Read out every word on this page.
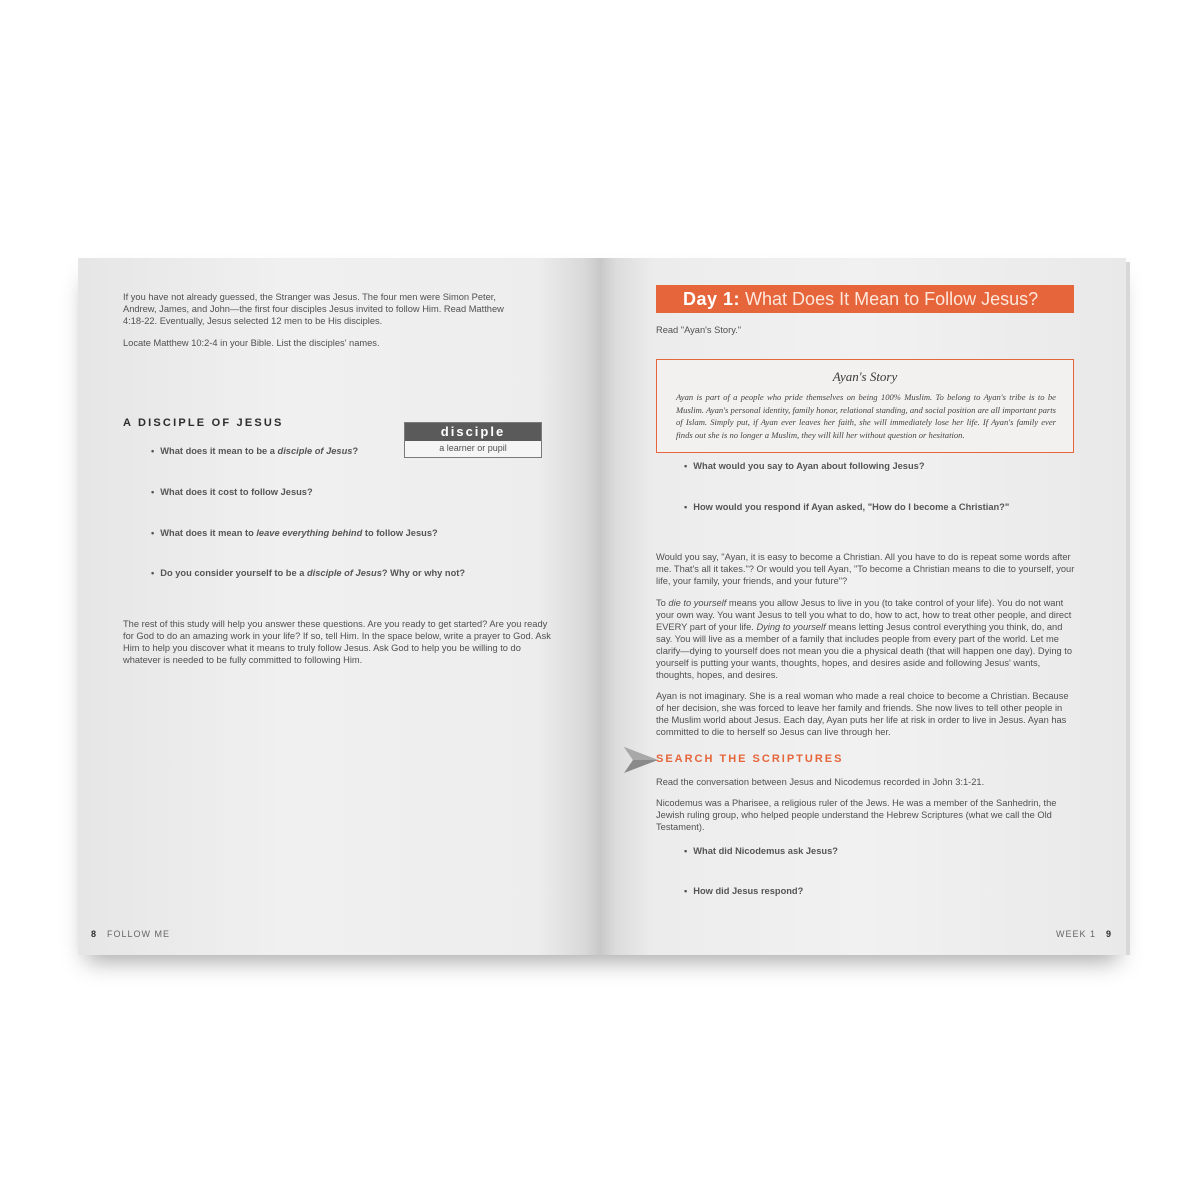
If you have not already guessed, the Stranger was Jesus. The four men were Simon Peter, Andrew, James, and John—the first four disciples Jesus invited to follow Him. Read Matthew 4:18-22. Eventually, Jesus selected 12 men to be His disciples.

Locate Matthew 10:2-4 in your Bible. List the disciples' names.

A DISCIPLE OF JESUS
disciple
a learner or pupil
• What does it mean to be a disciple of Jesus?
• What does it cost to follow Jesus?
• What does it mean to leave everything behind to follow Jesus?
• Do you consider yourself to be a disciple of Jesus? Why or why not?

The rest of this study will help you answer these questions. Are you ready to get started? Are you ready for God to do an amazing work in your life? If so, tell Him. In the space below, write a prayer to God. Ask Him to help you discover what it means to truly follow Jesus. Ask God to help you be willing to do whatever is needed to be fully committed to following Him.

8 FOLLOW ME
Day 1: What Does It Mean to Follow Jesus?

Read "Ayan's Story."

Ayan's Story
Ayan is part of a people who pride themselves on being 100% Muslim. To belong to Ayan's tribe is to be Muslim. Ayan's personal identity, family honor, relational standing, and social position are all important parts of Islam. Simply put, if Ayan ever leaves her faith, she will immediately lose her life. If Ayan's family ever finds out she is no longer a Muslim, they will kill her without question or hesitation.
• What would you say to Ayan about following Jesus?
• How would you respond if Ayan asked, "How do I become a Christian?"

Would you say, "Ayan, it is easy to become a Christian. All you have to do is repeat some words after me. That's all it takes."? Or would you tell Ayan, "To become a Christian means to die to yourself, your life, your family, your friends, and your future"?

To die to yourself means you allow Jesus to live in you (to take control of your life). You do not want your own way. You want Jesus to tell you what to do, how to act, how to treat other people, and direct EVERY part of your life. Dying to yourself means letting Jesus control everything you think, do, and say. You will live as a member of a family that includes people from every part of the world. Let me clarify—dying to yourself does not mean you die a physical death (that will happen one day). Dying to yourself is putting your wants, thoughts, hopes, and desires aside and following Jesus' wants, thoughts, hopes, and desires.

Ayan is not imaginary. She is a real woman who made a real choice to become a Christian. Because of her decision, she was forced to leave her family and friends. She now lives to tell other people in the Muslim world about Jesus. Each day, Ayan puts her life at risk in order to live in Jesus. Ayan has committed to die to herself so Jesus can live through her.

SEARCH THE SCRIPTURES

Read the conversation between Jesus and Nicodemus recorded in John 3:1-21.

Nicodemus was a Pharisee, a religious ruler of the Jews. He was a member of the Sanhedrin, the Jewish ruling group, who helped people understand the Hebrew Scriptures (what we call the Old Testament).

• What did Nicodemus ask Jesus?
• How did Jesus respond?
WEEK 1 9
